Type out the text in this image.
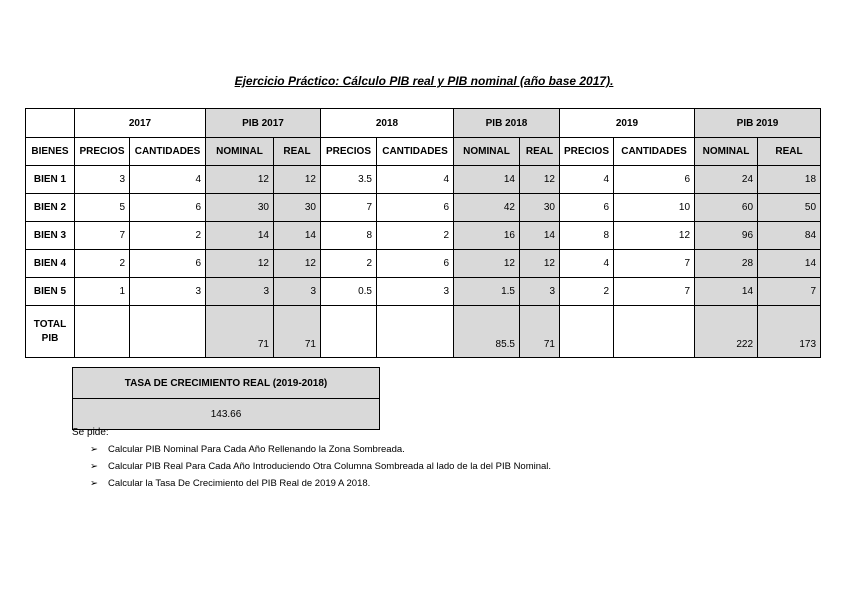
Ejercicio Práctico: Cálculo PIB real y PIB nominal (año base 2017).
	2017		PIB 2017		2018		PIB 2018		2019		PIB 2019	
BIENES	PRECIOS	CANTIDADES	NOMINAL	REAL	PRECIOS	CANTIDADES	NOMINAL	REAL	PRECIOS	CANTIDADES	NOMINAL	REAL
BIEN 1	3	4	12	12	3.5	4	14	12	4	6	24	18
BIEN 2	5	6	30	30	7	6	42	30	6	10	60	50
BIEN 3	7	2	14	14	8	2	16	14	8	12	96	84
BIEN 4	2	6	12	12	2	6	12	12	4	7	28	14
BIEN 5	1	3	3	3	0.5	3	1.5	3	2	7	14	7
TOTAL
PIB			71	71			85.5	71			222	173
TASA DE CRECIMIENTO REAL (2019-2018)
143.66
Se pide:
➢ Calcular PIB Nominal Para Cada Año Rellenando la Zona Sombreada.
➢ Calcular PIB Real Para Cada Año Introduciendo Otra Columna Sombreada al lado de la del PIB Nominal.
➢ Calcular la Tasa De Crecimiento del PIB Real de 2019 A 2018.
